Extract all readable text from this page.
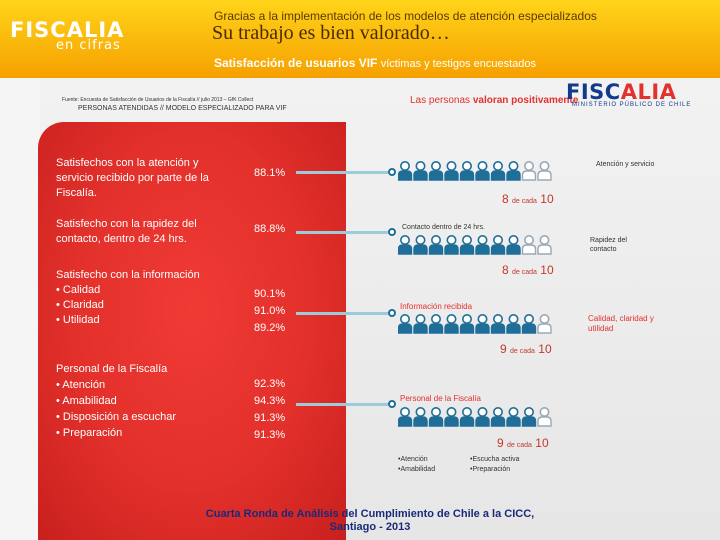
FISCALIA
en cifras
Gracias a la implementación de los modelos de atención especializados
Su trabajo es bien valorado…
Satisfacción de usuarios VIF víctimas y testigos encuestados
Fuente: Encuesta de Satisfacción de Usuarios de la Fiscalía // julio 2013 – GfK Collect
PERSONAS ATENDIDAS // MODELO ESPECIALIZADO PARA VIF
Las personas valoran positivamente
FISCALIA
MINISTERIO PÚBLICO DE CHILE
Satisfechos con la atención y
servicio recibido por parte de la
Fiscalía.
88.1%
Atención y servicio
8 de cada 10
Satisfecho con la rapidez del
contacto, dentro de 24 hrs.
88.8%	Contacto dentro de 24 hrs.
Rapidez del
contacto
8 de cada 10
Satisfecho con la información
• Calidad
• Claridad
• Utilidad
90.1%
91.0%
89.2%
Información recibida
Calidad, claridad y
utilidad
9 de cada 10
Personal de la Fiscalía
• Atención
• Amabilidad
• Disposición a escuchar
• Preparación
92.3%
94.3%
91.3%
91.3%
Personal de la Fiscalía
9 de cada 10
•Atención
•Amabilidad
•Escucha activa
•Preparación
Cuarta Ronda de Análisis del Cumplimiento de Chile a la CICC,
Santiago - 2013
